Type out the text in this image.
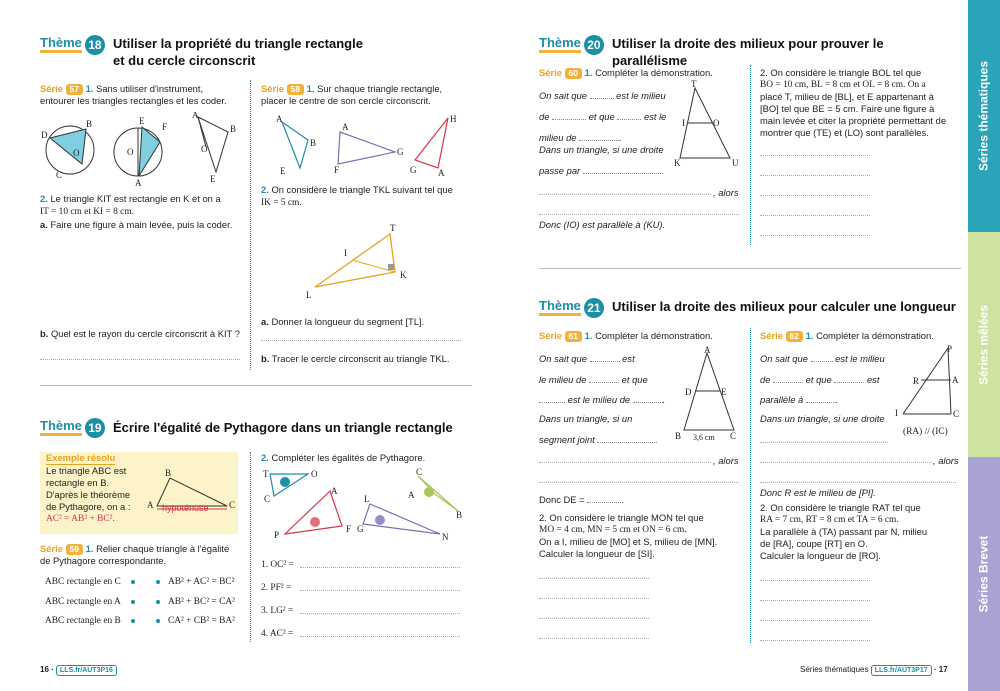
Thème 18 Utiliser la propriété du triangle rectangle
et du cercle circonscrit
Série 57 1. Sans utiliser d'instrument,
entourer les triangles rectangles et les coder.
D
B
C
O
E
F
O
A
A
B
O
E
2. Le triangle KIT est rectangle en K et on a
IT = 10 cm et KI = 8 cm.
a. Faire une figure à main levée, puis la coder.
b. Quel est le rayon du cercle circonscrit à KIT ?
Série 58 1. Sur chaque triangle rectangle,
placer le centre de son cercle circonscrit.
A
B
E
A
G
F
H
G A
2. On considère le triangle TKL suivant tel que
IK = 5 cm.
T
K
I
L
a. Donner la longueur du segment [TL].
b. Tracer le cercle circonscrit au triangle TKL.
Thème 19 Écrire l'égalité de Pythagore dans un triangle rectangle
Exemple résolu
Le triangle ABC est
rectangle en B.
D'après le théorème
de Pythagore, on a :
AC² = AB² + BC².
B
A	C
hypoténuse
Série 59 1. Relier chaque triangle à l'égalité
de Pythagore correspondante.
ABC rectangle en C
ABC rectangle en A
ABC rectangle en B
AB² + AC² = BC²
AB² + BC² = CA²
CA² + CB² = BA²
2. Compléter les égalités de Pythagore.
T	O
C
A
P
F
L
G
N
C
A
B
1. OC² =
2. PF² =
3. LG² =
4. AC² =
16 · LLS.fr/AUT3P16
Thème 20 Utiliser la droite des milieux pour prouver le parallélisme
Série 60 1. Compléter la démonstration.
On sait que	est le milieu
de	et que	est le
milieu de	.
Dans un triangle, si une droite
passe par
, alors
Donc (IO) est parallèle à (KU).
T
I	O
K	U
2. On considère le triangle BOL tel que
BO = 10 cm, BL = 8 cm et OL = 8 cm. On a
placé T, milieu de [BL], et E appartenant à
[BO] tel que BE = 5 cm. Faire une figure à
main levée et citer la propriété permettant de
montrer que (TE) et (LO) sont parallèles.
Thème 21 Utiliser la droite des milieux pour calculer une longueur
Série 61 1. Compléter la démonstration.
On sait que	est
le milieu de	et que
est le milieu de	.
Dans un triangle, si un
segment joint
, alors
Donc DE =	.
A
D	E
B	C
3,6 cm
2. On considère le triangle MON tel que
MO = 4 cm, MN = 5 cm et ON = 6 cm.
On a I, milieu de [MO] et S, milieu de [MN].
Calculer la longueur de [SI].
Série 62 1. Compléter la démonstration.
On sait que	est le milieu
de	et que	est
parallèle à	.
Dans un triangle, si une droite
, alors
Donc R est le milieu de [PI].
P
R	A
I	C
(RA) // (IC)
2. On considère le triangle RAT tel que
RA = 7 cm, RT = 8 cm et TA = 6 cm.
La parallèle à (TA) passant par N, milieu
de [RA], coupe [RT] en O.
Calculer la longueur de [RO].
Séries thématiques LLS.fr/AUT3P17 · 17
Séries thématiques
Séries mêlées
Séries Brevet
